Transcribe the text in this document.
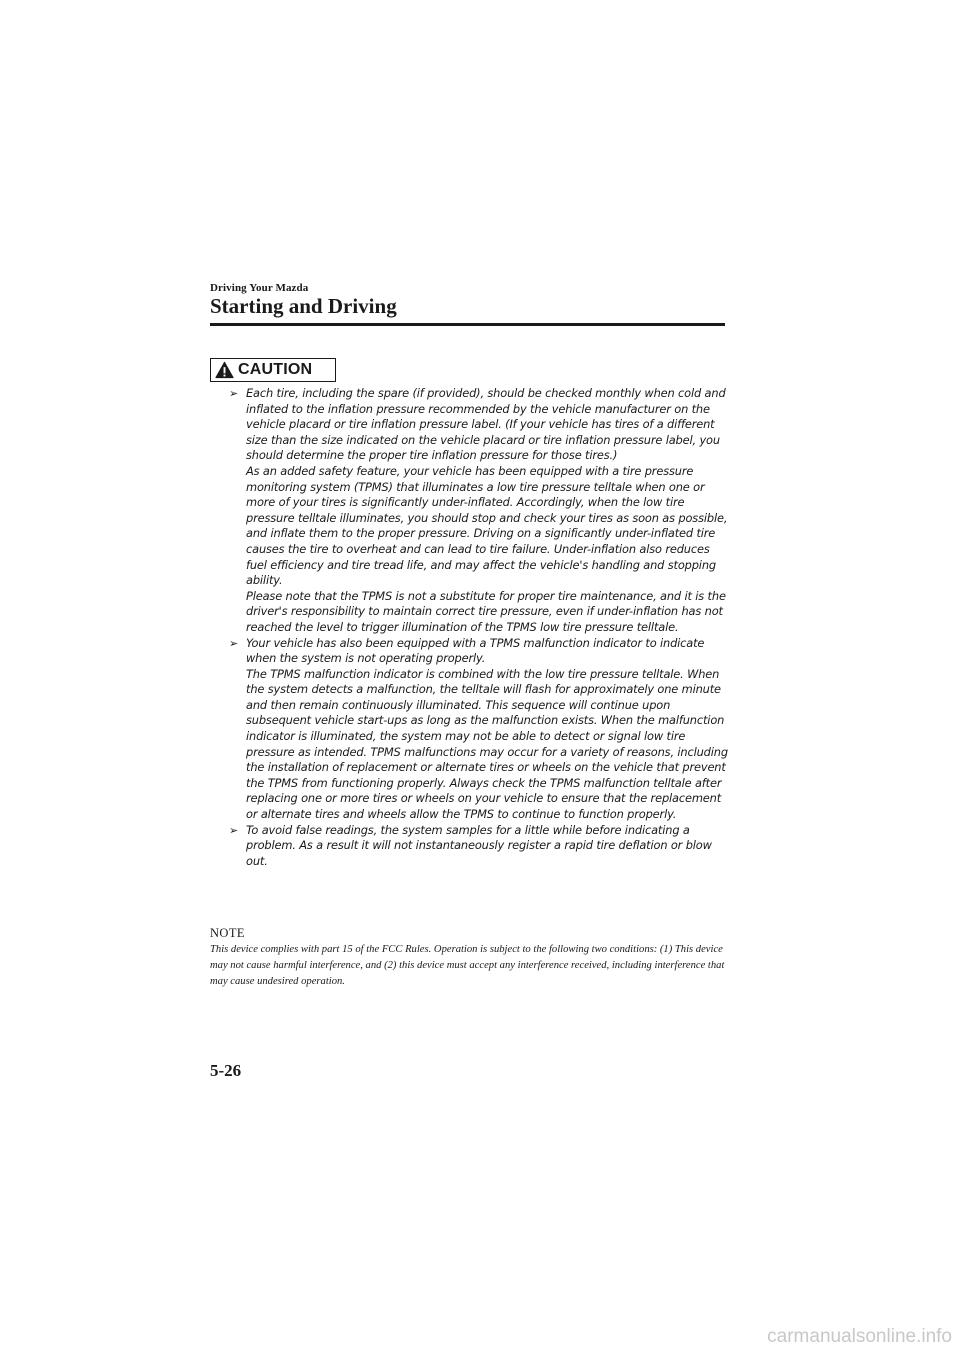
Driving Your Mazda
Starting and Driving
CAUTION
➢ Each tire, including the spare (if provided), should be checked monthly when cold and inflated to the inflation pressure recommended by the vehicle manufacturer on the vehicle placard or tire inflation pressure label. (If your vehicle has tires of a different size than the size indicated on the vehicle placard or tire inflation pressure label, you should determine the proper tire inflation pressure for those tires.)
As an added safety feature, your vehicle has been equipped with a tire pressure monitoring system (TPMS) that illuminates a low tire pressure telltale when one or more of your tires is significantly under-inflated. Accordingly, when the low tire pressure telltale illuminates, you should stop and check your tires as soon as possible, and inflate them to the proper pressure. Driving on a significantly under-inflated tire causes the tire to overheat and can lead to tire failure. Under-inflation also reduces fuel efficiency and tire tread life, and may affect the vehicle's handling and stopping ability.
Please note that the TPMS is not a substitute for proper tire maintenance, and it is the driver's responsibility to maintain correct tire pressure, even if under-inflation has not reached the level to trigger illumination of the TPMS low tire pressure telltale.
➢ Your vehicle has also been equipped with a TPMS malfunction indicator to indicate when the system is not operating properly.
The TPMS malfunction indicator is combined with the low tire pressure telltale. When the system detects a malfunction, the telltale will flash for approximately one minute and then remain continuously illuminated. This sequence will continue upon subsequent vehicle start-ups as long as the malfunction exists. When the malfunction indicator is illuminated, the system may not be able to detect or signal low tire pressure as intended. TPMS malfunctions may occur for a variety of reasons, including the installation of replacement or alternate tires or wheels on the vehicle that prevent the TPMS from functioning properly. Always check the TPMS malfunction telltale after replacing one or more tires or wheels on your vehicle to ensure that the replacement or alternate tires and wheels allow the TPMS to continue to function properly.
➢ To avoid false readings, the system samples for a little while before indicating a problem. As a result it will not instantaneously register a rapid tire deflation or blow out.
NOTE

This device complies with part 15 of the FCC Rules. Operation is subject to the following two conditions: (1) This device may not cause harmful interference, and (2) this device must accept any interference received, including interference that may cause undesired operation.

5-26
carmanualsonline.info
